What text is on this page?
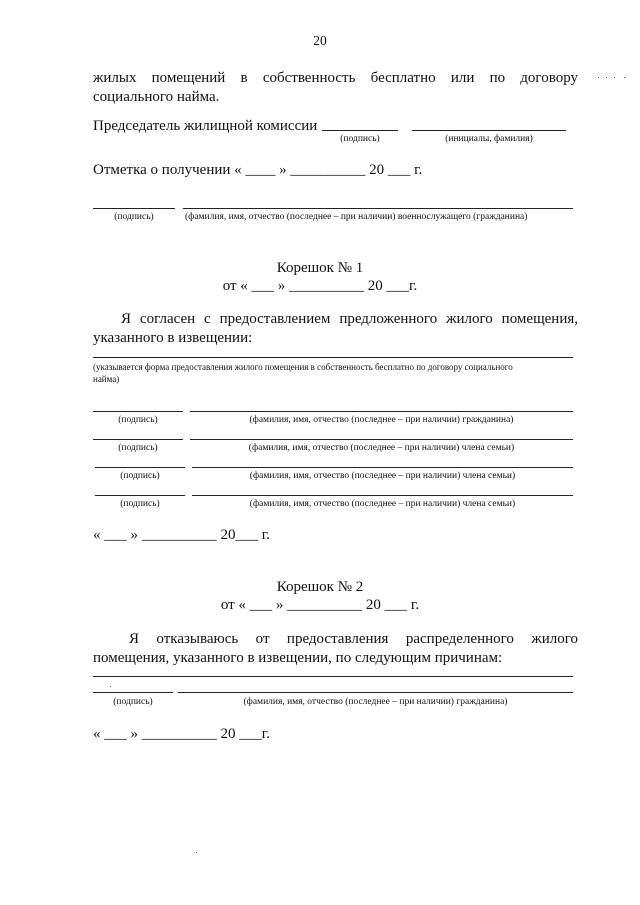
20
жилых помещений в собственность бесплатно или по договору
социального найма.
Председатель жилищной комиссии
(подпись)	(инициалы, фамилия)
Отметка о получении « ____ » __________ 20 ___ г.
(подпись)	(фамилия, имя, отчество (последнее – при наличии) военнослужащего (гражданина)
Корешок № 1
от « ___ » __________ 20 ___г.
Я согласен с предоставлением предложенного жилого помещения,
указанного в извещении:
(указывается форма предоставления жилого помещения в собственность бесплатно по договору социального
найма)
(подпись)	(фамилия, имя, отчество (последнее – при наличии) гражданина)
(подпись)	(фамилия, имя, отчество (последнее – при наличии) члена семьи)
(подпись)	(фамилия, имя, отчество (последнее – при наличии) члена семьи)
(подпись)	(фамилия, имя, отчество (последнее – при наличии) члена семьи)
« ___ » __________ 20___ г.
Корешок № 2
от « ___ » __________ 20 ___ г.
Я отказываюсь от предоставления распределенного жилого
помещения, указанного в извещении, по следующим причинам:
(подпись)	(фамилия, имя, отчество (последнее – при наличии) гражданина)
« ___ » __________ 20 ___г.
